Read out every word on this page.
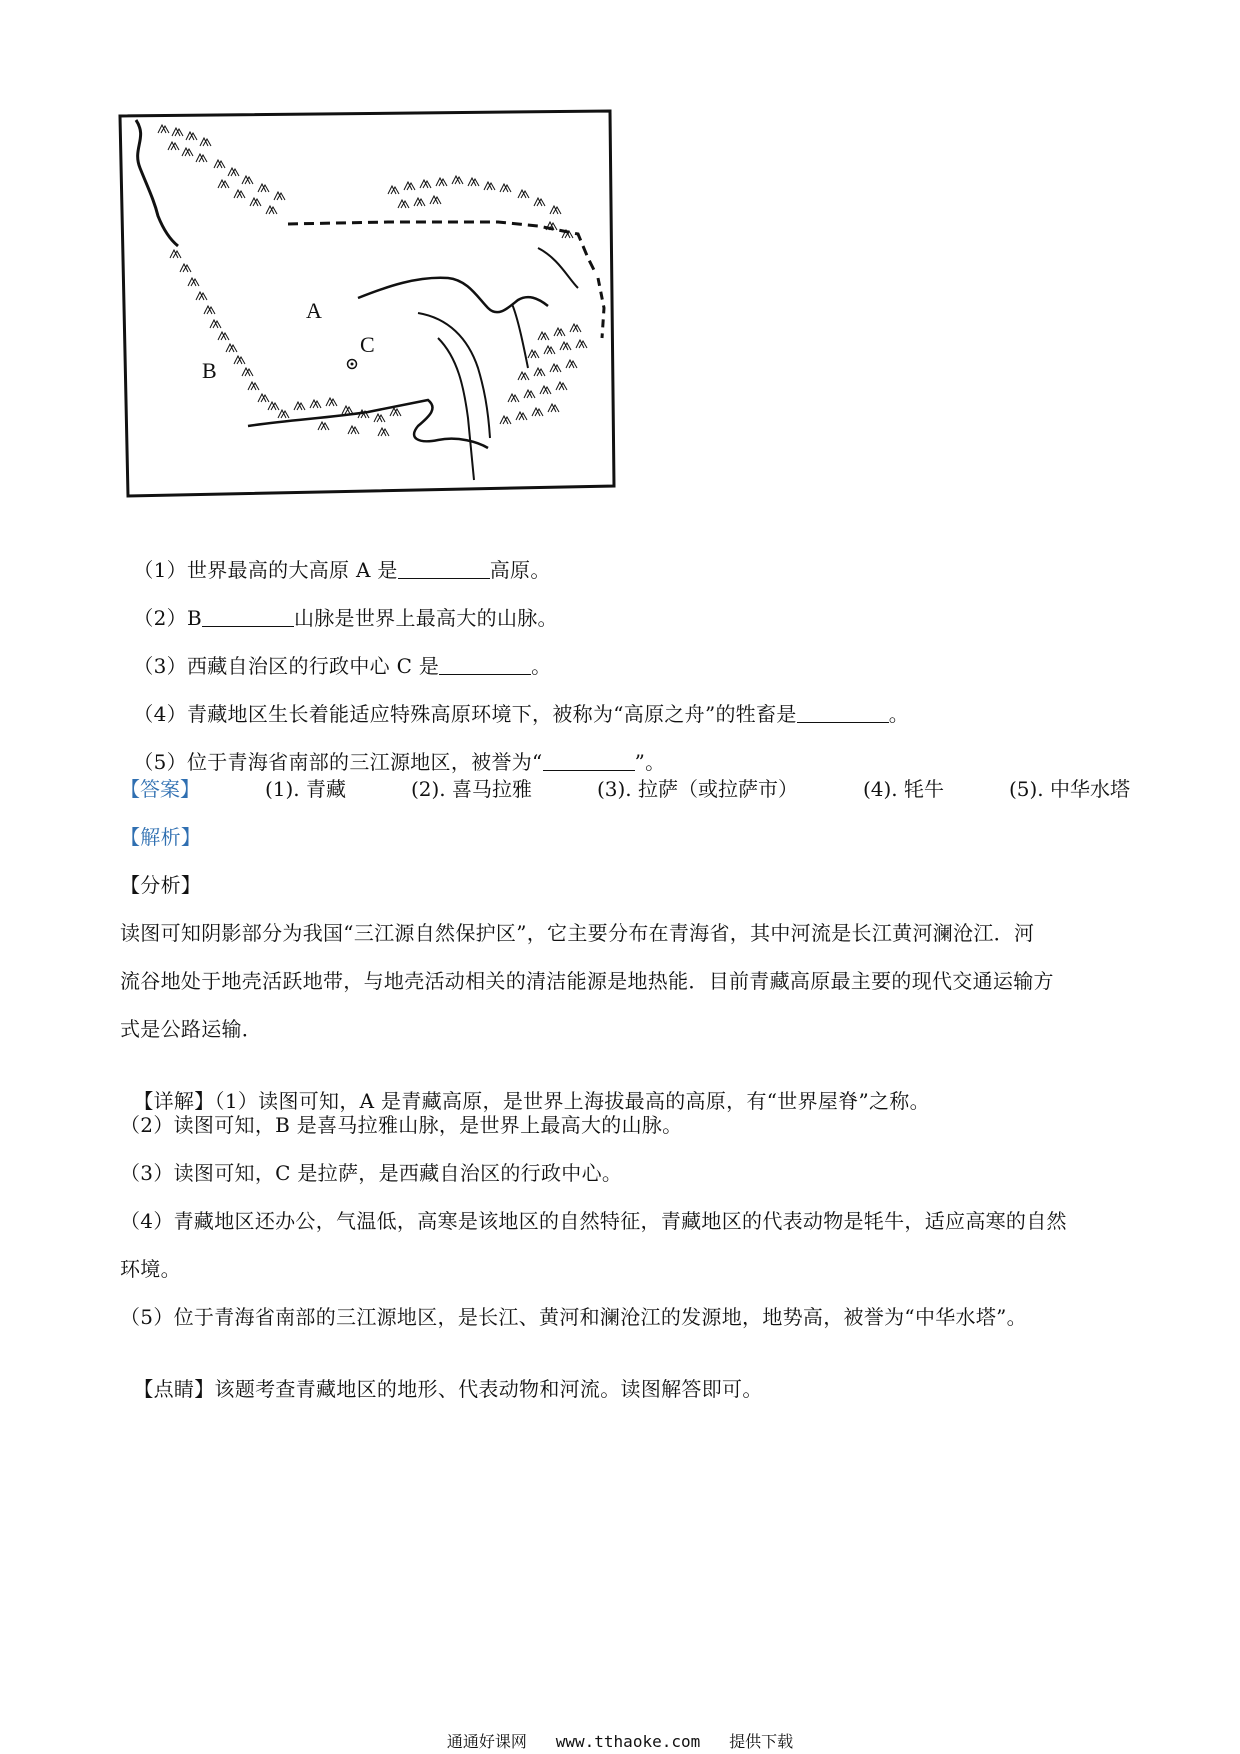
A
B
C

（1）世界最高的大高原 A 是	高原。

（2）B	山脉是世界上最高大的山脉。

（3）西藏自治区的行政中心 C 是	。

（4）青藏地区生长着能适应特殊高原环境下，被称为“高原之舟”的牲畜是	。

（5）位于青海省南部的三江源地区，被誉为“	”。

【答案】	(1). 青藏	(2). 喜马拉雅	(3). 拉萨（或拉萨市）	(4). 牦牛	(5). 中华水塔
【解析】
【分析】
读图可知阴影部分为我国“三江源自然保护区”，它主要分布在青海省，其中河流是长江黄河澜沧江．河
流谷地处于地壳活跃地带，与地壳活动相关的清洁能源是地热能．目前青藏高原最主要的现代交通运输方
式是公路运输．

【详解】（1）读图可知，A 是青藏高原，是世界上海拔最高的高原，有“世界屋脊”之称。

（2）读图可知，B 是喜马拉雅山脉，是世界上最高大的山脉。
（3）读图可知，C 是拉萨，是西藏自治区的行政中心。
（4）青藏地区还办公，气温低，高寒是该地区的自然特征，青藏地区的代表动物是牦牛，适应高寒的自然
环境。
（5）位于青海省南部的三江源地区，是长江、黄河和澜沧江的发源地，地势高，被誉为“中华水塔”。

【点睛】该题考查青藏地区的地形、代表动物和河流。读图解答即可。

通通好课网 www.tthaoke.com 提供下载
